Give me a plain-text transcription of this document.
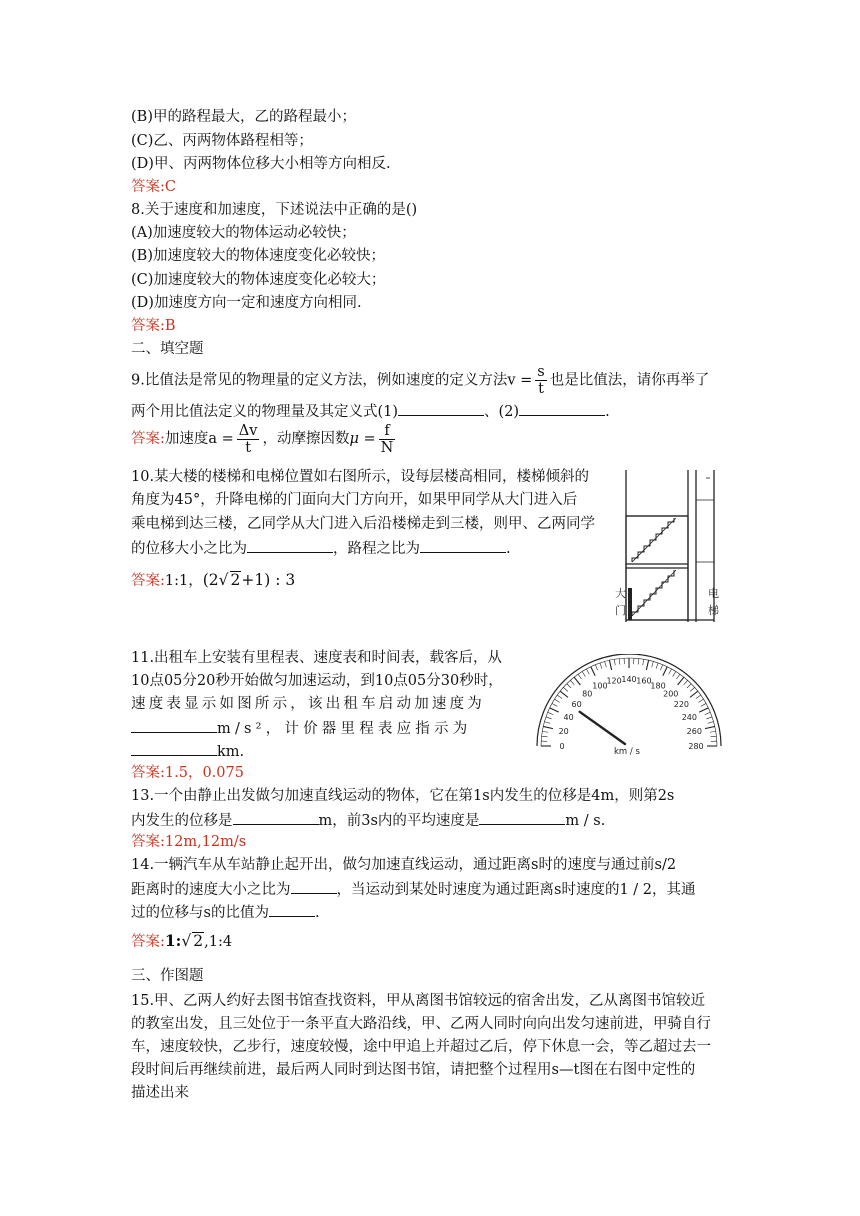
(B)甲的路程最大，乙的路程最小；
(C)乙、丙两物体路程相等；
(D)甲、丙两物体位移大小相等方向相反.
答案:C
8.关于速度和加速度，下述说法中正确的是()
(A)加速度较大的物体运动必较快；
(B)加速度较大的物体速度变化必较快；
(C)加速度较大的物体速度变化必较大；
(D)加速度方向一定和速度方向相同.
答案:B
二、填空题
9.比值法是常见的物理量的定义方法，例如速度的定义方法$v = \frac{s}{t}$ 也是比值法，请你再举了
两个用比值法定义的物理量及其定义式(1)	、(2)	.
答案:加速度$a = \frac{\Delta v}{t}$ ，动摩擦因数$\mu = \frac{f}{N}$
10.某大楼的楼梯和电梯位置如右图所示，设每层楼高相同，楼梯倾斜的
角度为45°，升降电梯的门面向大门方向开，如果甲同学从大门进入后
乘电梯到达三楼，乙同学从大门进入后沿楼梯走到三楼，则甲、乙两同学
的位移大小之比为	，路程之比为	.
答案:1:1，(2√ 2+1) : 3
大
门
电
梯
11.出租车上安装有里程表、速度表和时间表，载客后，从
10点05分20秒开始做匀加速运动，到10点05分30秒时，
速度表显示如图所示，该出租车启动加速度为
m/s²，计价器里程表应指示为
km.
答案:1.5，0.075
0
20
40
60
80
100
120 140 160
180
200
220
240
260
280
km / s
13.一个由静止出发做匀加速直线运动的物体，它在第1s内发生的位移是4m，则第2s
内发生的位移是	m，前3s内的平均速度是	m / s.
答案:12m,12m/s
14.一辆汽车从车站静止起开出，做匀加速直线运动，通过距离s时的速度与通过前s/2
距离时的速度大小之比为	，当运动到某处时速度为通过距离s时速度的1 / 2，其通
过的位移与s的比值为	.
答案:1:√ 2,1:4
三、作图题
15.甲、乙两人约好去图书馆查找资料，甲从离图书馆较远的宿舍出发，乙从离图书馆较近
的教室出发，且三处位于一条平直大路沿线，甲、乙两人同时向向出发匀速前进，甲骑自行
车，速度较快，乙步行，速度较慢，途中甲追上并超过乙后，停下休息一会，等乙超过去一
段时间后再继续前进，最后两人同时到达图书馆，请把整个过程用s—t图在右图中定性的
描述出来
